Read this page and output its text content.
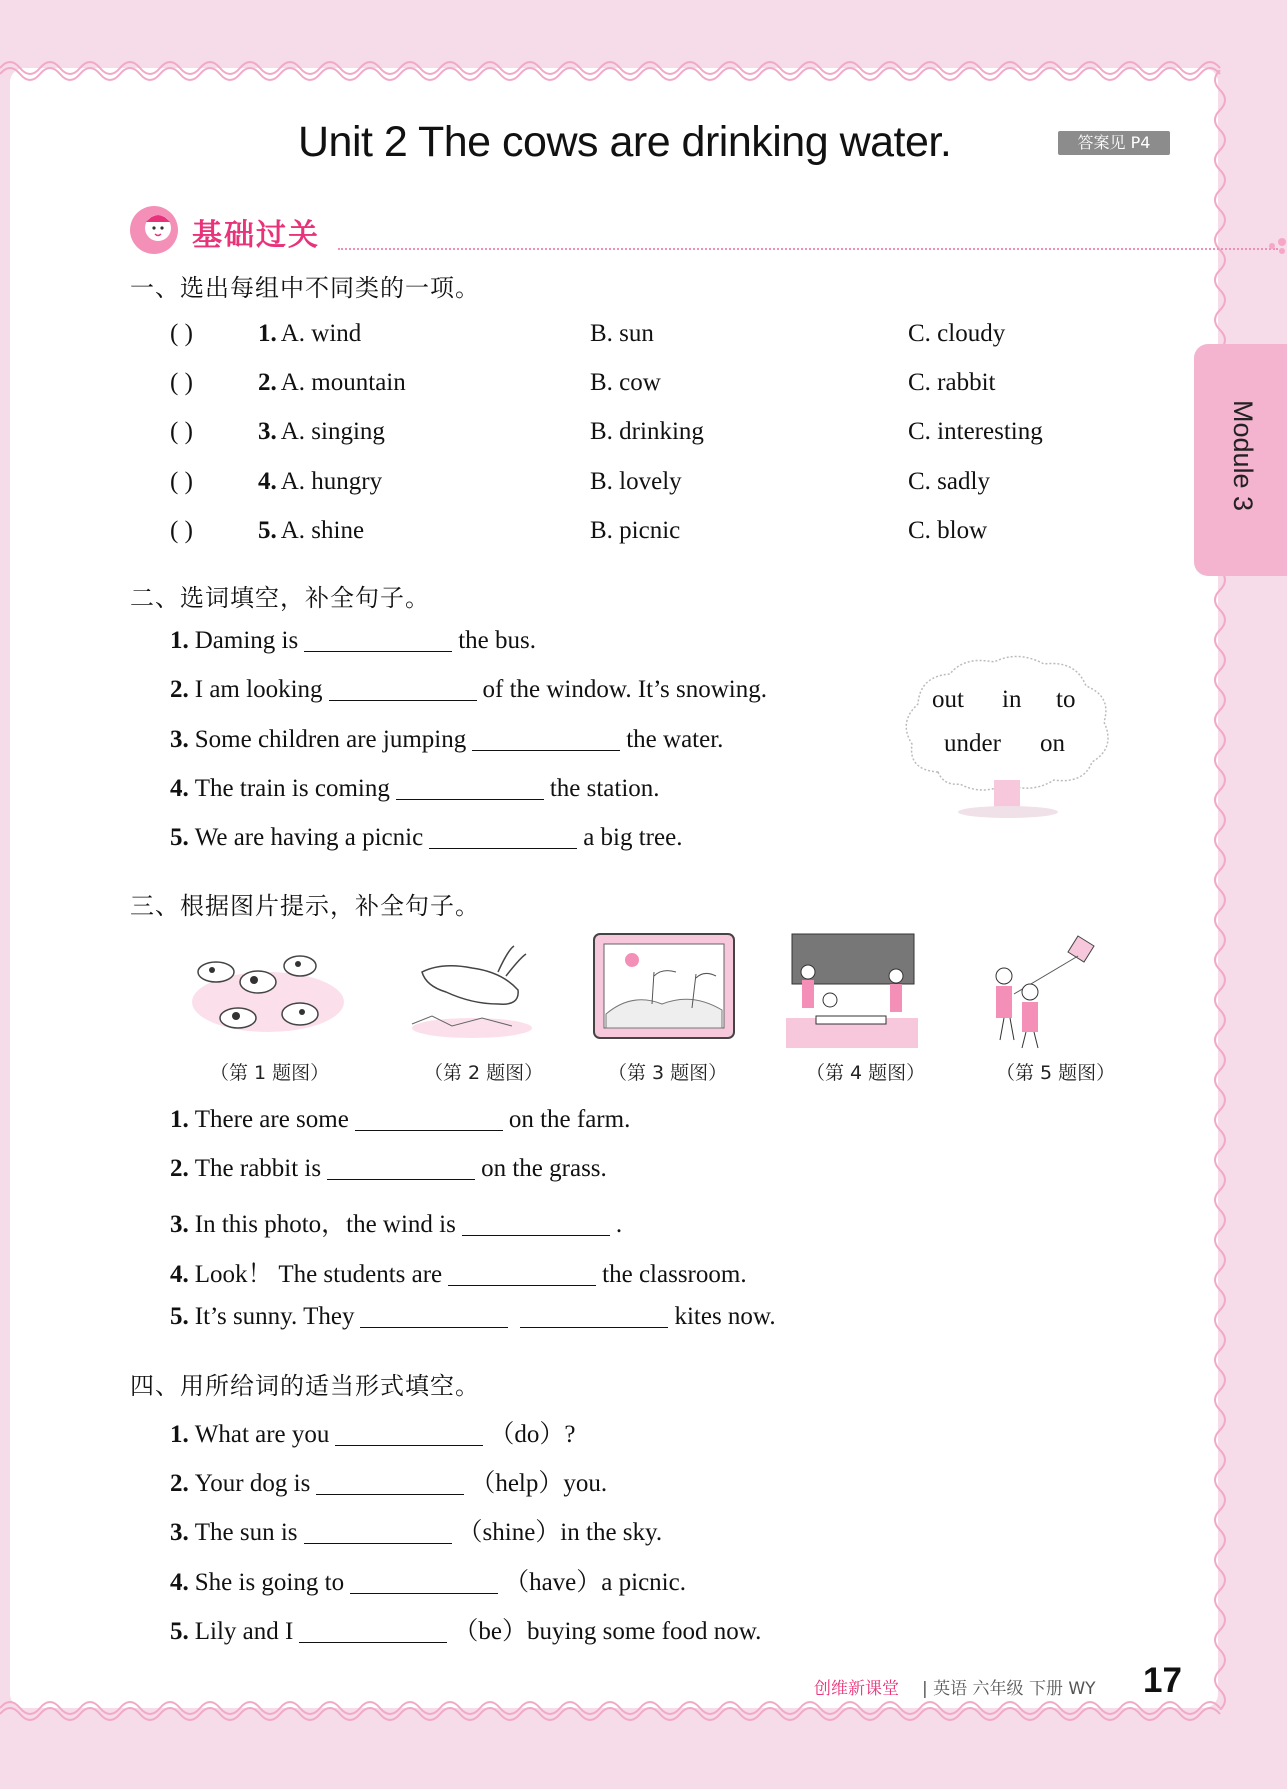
Unit 2 The cows are drinking water.	答案见 P4
Module 3
基础过关
一、选出每组中不同类的一项。
( )	1. A. wind	B. sun	C. cloudy
( )	2. A. mountain	B. cow	C. rabbit
( )	3. A. singing	B. drinking	C. interesting
( )	4. A. hungry	B. lovely	C. sadly
( )	5. A. shine	B. picnic	C. blow
二、选词填空，补全句子。
1. Daming is	the bus.
2. I am looking	of the window. It’s snowing.
3. Some children are jumping	the water.
4. The train is coming	the station.
5. We are having a picnic	a big tree.
out in to
under on
三、根据图片提示，补全句子。
（第 1 题图）	（第 2 题图）	（第 3 题图）	（第 4 题图）	（第 5 题图）
1. There are some	on the farm.
2. The rabbit is	on the grass.
3. In this photo，the wind is	.
4. Look！ The students are	the classroom.
5. It’s sunny. They	kites now.
四、用所给词的适当形式填空。
1. What are you	（do）?
2. Your dog is	（help）you.
3. The sun is	（shine）in the sky.
4. She is going to	（have）a picnic.
5. Lily and I	（be）buying some food now.
创维新课堂 | 英语 六年级 下册 WY 17
